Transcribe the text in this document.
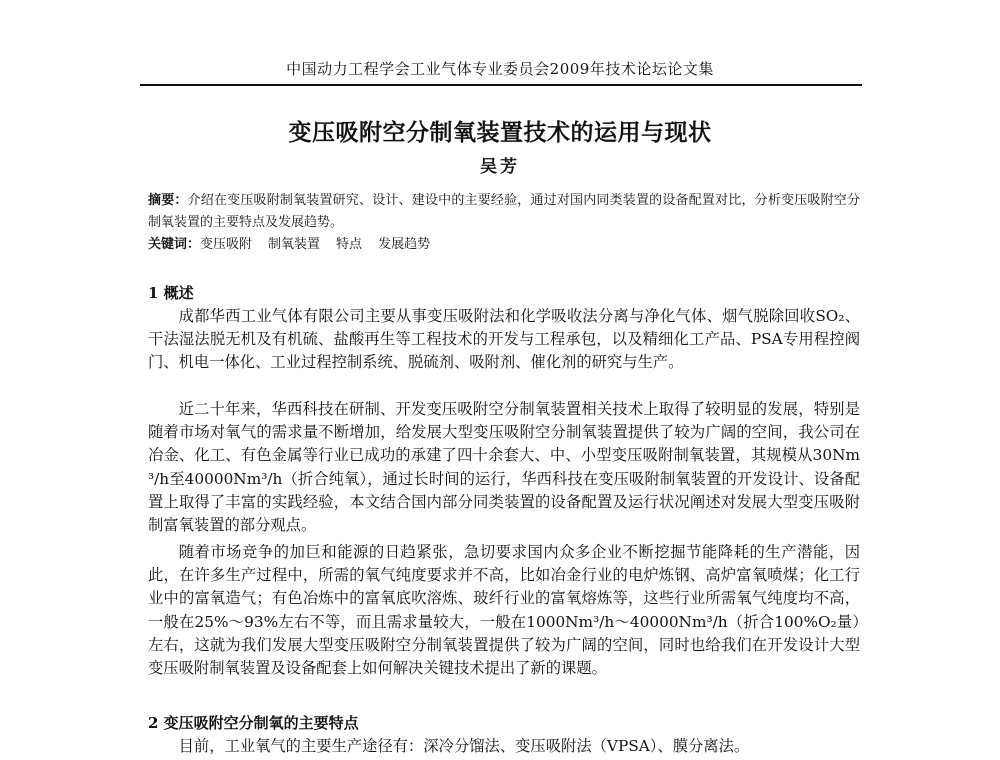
中国动力工程学会工业气体专业委员会2009年技术论坛论文集
变压吸附空分制氧装置技术的运用与现状
吴芳
摘要：介绍在变压吸附制氧装置研究、设计、建设中的主要经验，通过对国内同类装置的设备配置对比，分析变压吸附空分制氧装置的主要特点及发展趋势。
关键词：变压吸附 制氧装置 特点 发展趋势
1 概述

成都华西工业气体有限公司主要从事变压吸附法和化学吸收法分离与净化气体、烟气脱除回收SO₂、干法湿法脱无机及有机硫、盐酸再生等工程技术的开发与工程承包，以及精细化工产品、PSA专用程控阀门、机电一体化、工业过程控制系统、脱硫剂、吸附剂、催化剂的研究与生产。

近二十年来，华西科技在研制、开发变压吸附空分制氧装置相关技术上取得了较明显的发展，特别是随着市场对氧气的需求量不断增加，给发展大型变压吸附空分制氧装置提供了较为广阔的空间，我公司在冶金、化工、有色金属等行业已成功的承建了四十余套大、中、小型变压吸附制氧装置，其规模从30Nm³/h至40000Nm³/h（折合纯氧），通过长时间的运行，华西科技在变压吸附制氧装置的开发设计、设备配置上取得了丰富的实践经验，本文结合国内部分同类装置的设备配置及运行状况阐述对发展大型变压吸附制富氧装置的部分观点。

随着市场竞争的加巨和能源的日趋紧张，急切要求国内众多企业不断挖掘节能降耗的生产潜能，因此，在许多生产过程中，所需的氧气纯度要求并不高，比如冶金行业的电炉炼钢、高炉富氧喷煤；化工行业中的富氧造气；有色冶炼中的富氧底吹溶炼、玻纤行业的富氧熔炼等，这些行业所需氧气纯度均不高，一般在25%～93%左右不等，而且需求量较大，一般在1000Nm³/h～40000Nm³/h（折合100%O₂量）左右，这就为我们发展大型变压吸附空分制氧装置提供了较为广阔的空间，同时也给我们在开发设计大型变压吸附制氧装置及设备配套上如何解决关键技术提出了新的课题。

2 变压吸附空分制氧的主要特点

目前，工业氧气的主要生产途径有：深冷分馏法、变压吸附法（VPSA）、膜分离法。
